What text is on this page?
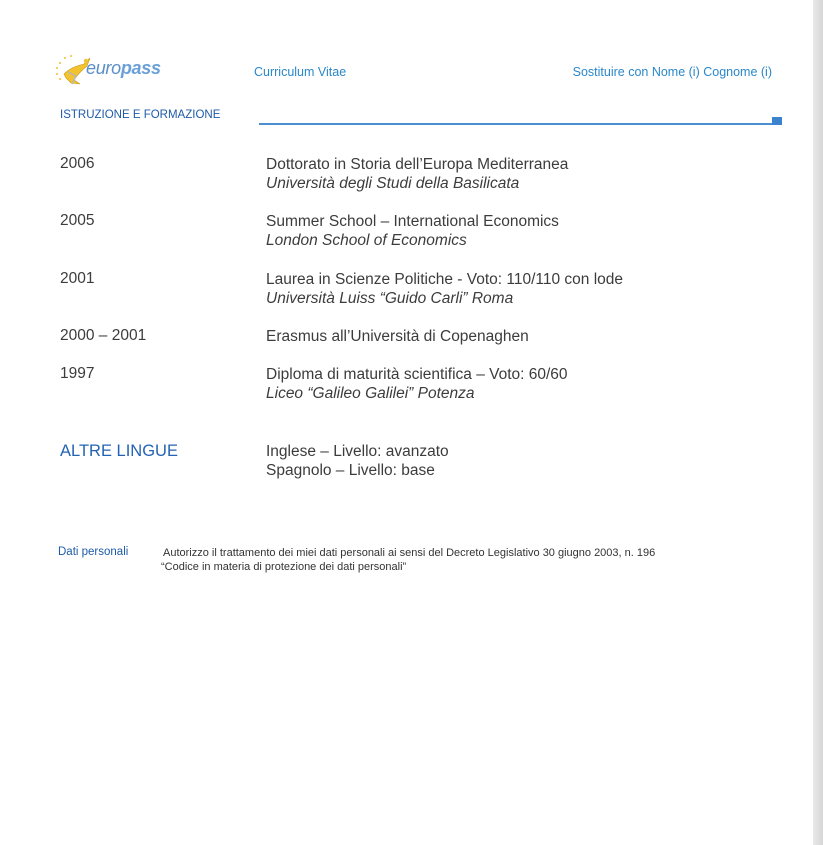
europass	Curriculum Vitae	Sostituire con Nome (i) Cognome (i)
ISTRUZIONE E FORMAZIONE
2006	Dottorato in Storia dell’Europa Mediterranea
Università degli Studi della Basilicata
2005	Summer School – International Economics
London School of Economics
2001	Laurea in Scienze Politiche - Voto: 110/110 con lode
Università Luiss “Guido Carli” Roma
2000 – 2001	Erasmus all’Università di Copenaghen
1997	Diploma di maturità scientifica – Voto: 60/60
Liceo “Galileo Galilei” Potenza
ALTRE LINGUE	Inglese – Livello: avanzato
Spagnolo – Livello: base
Dati personali	Autorizzo il trattamento dei miei dati personali ai sensi del Decreto Legislativo 30 giugno 2003, n. 196
“Codice in materia di protezione dei dati personali”
